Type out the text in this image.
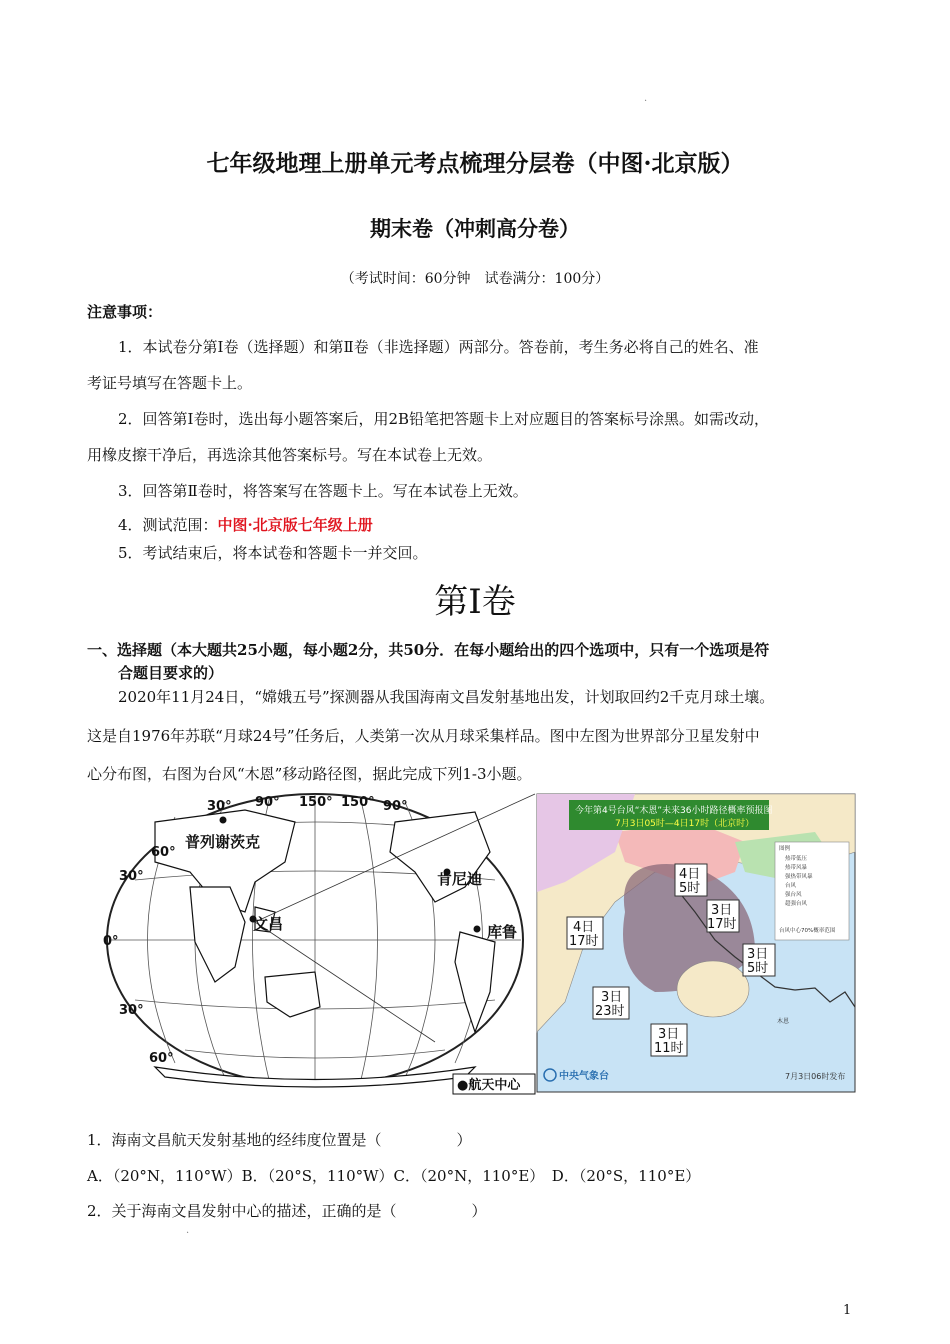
·
七年级地理上册单元考点梳理分层卷（中图·北京版）
期末卷（冲刺高分卷）
（考试时间：60分钟　试卷满分：100分）
注意事项：
1．本试卷分第Ⅰ卷（选择题）和第Ⅱ卷（非选择题）两部分。答卷前，考生务必将自己的姓名、准
考证号填写在答题卡上。
2．回答第Ⅰ卷时，选出每小题答案后，用2B铅笔把答题卡上对应题目的答案标号涂黑。如需改动，
用橡皮擦干净后，再选涂其他答案标号。写在本试卷上无效。
3．回答第Ⅱ卷时，将答案写在答题卡上。写在本试卷上无效。
4．测试范围：中图·北京版七年级上册
5．考试结束后，将本试卷和答题卡一并交回。
第Ⅰ卷
一、选择题（本大题共25小题，每小题2分，共50分．在每小题给出的四个选项中，只有一个选项是符
合题目要求的）
2020年11月24日，“嫦娥五号”探测器从我国海南文昌发射基地出发，计划取回约2千克月球土壤。
这是自1976年苏联“月球24号”任务后，人类第一次从月球采集样品。图中左图为世界部分卫星发射中
心分布图，右图为台风“木恩”移动路径图，据此完成下列1-3小题。
30° 90° 150° 150° 90°
60°
30°
0°
30°
60°
普列谢茨克
肯尼迪
文昌	库鲁
●航天中心
今年第4号台风“木恩”未来36小时路径概率预报图
7月3日05时—4日17时（北京时）
4日
5时
3日
17时
4日
17时
3日
5时
3日
23时
3日
11时
图例
热带低压
热带风暴
强热带风暴
台风
强台风
超强台风
台风中心70%概率范围
木恩
中央气象台	7月3日06时发布
1．海南文昌航天发射基地的经纬度位置是（　　　　　）
A．（20°N，110°W）B．（20°S，110°W）C．（20°N，110°E）　D．（20°S，110°E）
2．关于海南文昌发射中心的描述，正确的是（　　　　　）
·
1
